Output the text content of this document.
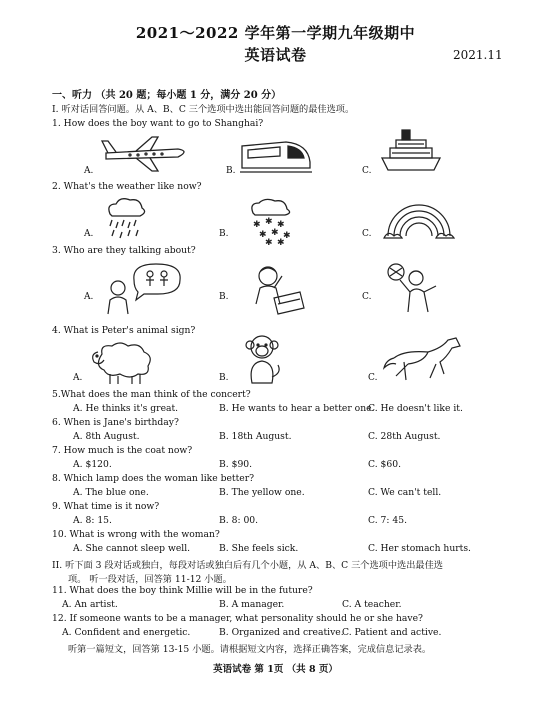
2021～2022 学年第一学期九年级期中
英语试卷	2021.11
一、听力 （共 20 题；每小题 1 分，满分 20 分）
I. 听对话回答问题。从 A、B、C 三个选项中选出能回答问题的最佳选项。
1. How does the boy want to go to Shanghai?
A.	B.	C.
2. What's the weather like now?
A.	B.	C.
✱ ✱ ✱
✱ ✱ ✱
✱ ✱
3. Who are they talking about?
A.	B.	C.
4. What is Peter's animal sign?
A.	B.	C.
5.What does the man think of the concert?
A. He thinks it's great.	B. He wants to hear a better one.
C. He doesn't like it.
6. When is Jane's birthday?
A. 8th August.	B. 18th August.	C. 28th August.
7. How much is the coat now?
A. $120.	B. $90.	C. $60.
8. Which lamp does the woman like better?
A. The blue one.	B. The yellow one.	C. We can't tell.
9. What time is it now?
A. 8: 15.	B. 8: 00.	C. 7: 45.
10. What is wrong with the woman?
A. She cannot sleep well.	B. She feels sick.	C. Her stomach hurts.
II. 听下面 3 段对话或独白，每段对话或独白后有几个小题，从 A、B、C 三个选项中选出最佳选
项。 听一段对话，回答第 11-12 小题。
11. What does the boy think Millie will be in the future?
A. An artist.	B. A manager.	C. A teacher.
12. If someone wants to be a manager, what personality should he or she have?
A. Confident and energetic.	B. Organized and creative.
C. Patient and active.
听第一篇短文，回答第 13-15 小题。请根据短文内容，选择正确答案，完成信息记录表。
英语试卷 第 1页 （共 8 页）
